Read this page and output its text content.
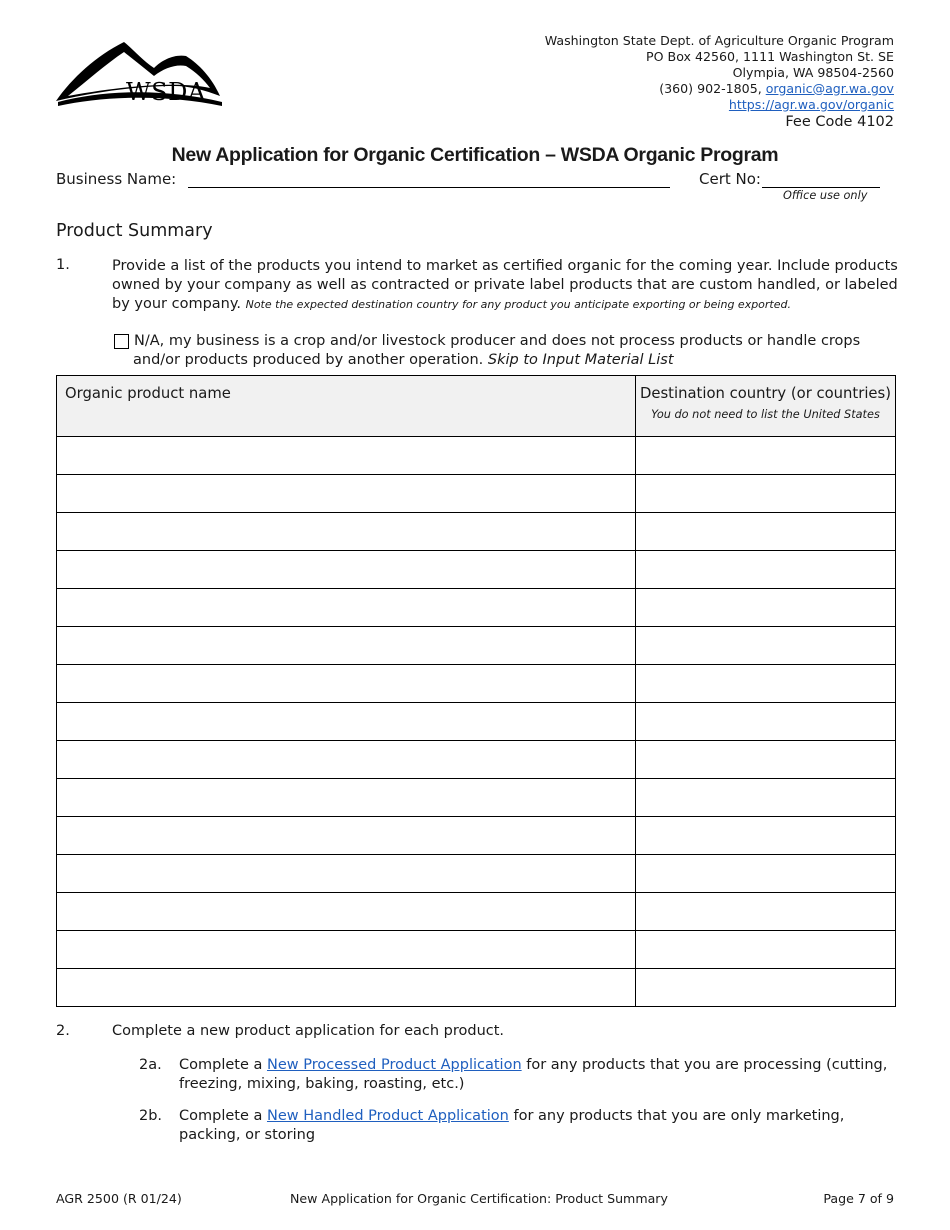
WSDA
Washington State Dept. of Agriculture Organic Program
PO Box 42560, 1111 Washington St. SE
Olympia, WA 98504-2560
(360) 902-1805, organic@agr.wa.gov
https://agr.wa.gov/organic
Fee Code 4102
New Application for Organic Certification – WSDA Organic Program
Business Name:	Cert No:
Office use only
Product Summary
1.	Provide a list of the products you intend to market as certified organic for the coming year. Include products owned by your company as well as contracted or private label products that are custom handled, or labeled by your company. Note the expected destination country for any product you anticipate exporting or being exported.
N/A, my business is a crop and/or livestock producer and does not process products or handle crops
and/or products produced by another operation. Skip to Input Material List
Organic product name	Destination country (or countries)
You do not need to list the United States

2.	Complete a new product application for each product.
2a. Complete a New Processed Product Application for any products that you are processing (cutting, freezing, mixing, baking, roasting, etc.)
2b. Complete a New Handled Product Application for any products that you are only marketing, packing, or storing
AGR 2500 (R 01/24)	New Application for Organic Certification: Product Summary	Page 7 of 9
